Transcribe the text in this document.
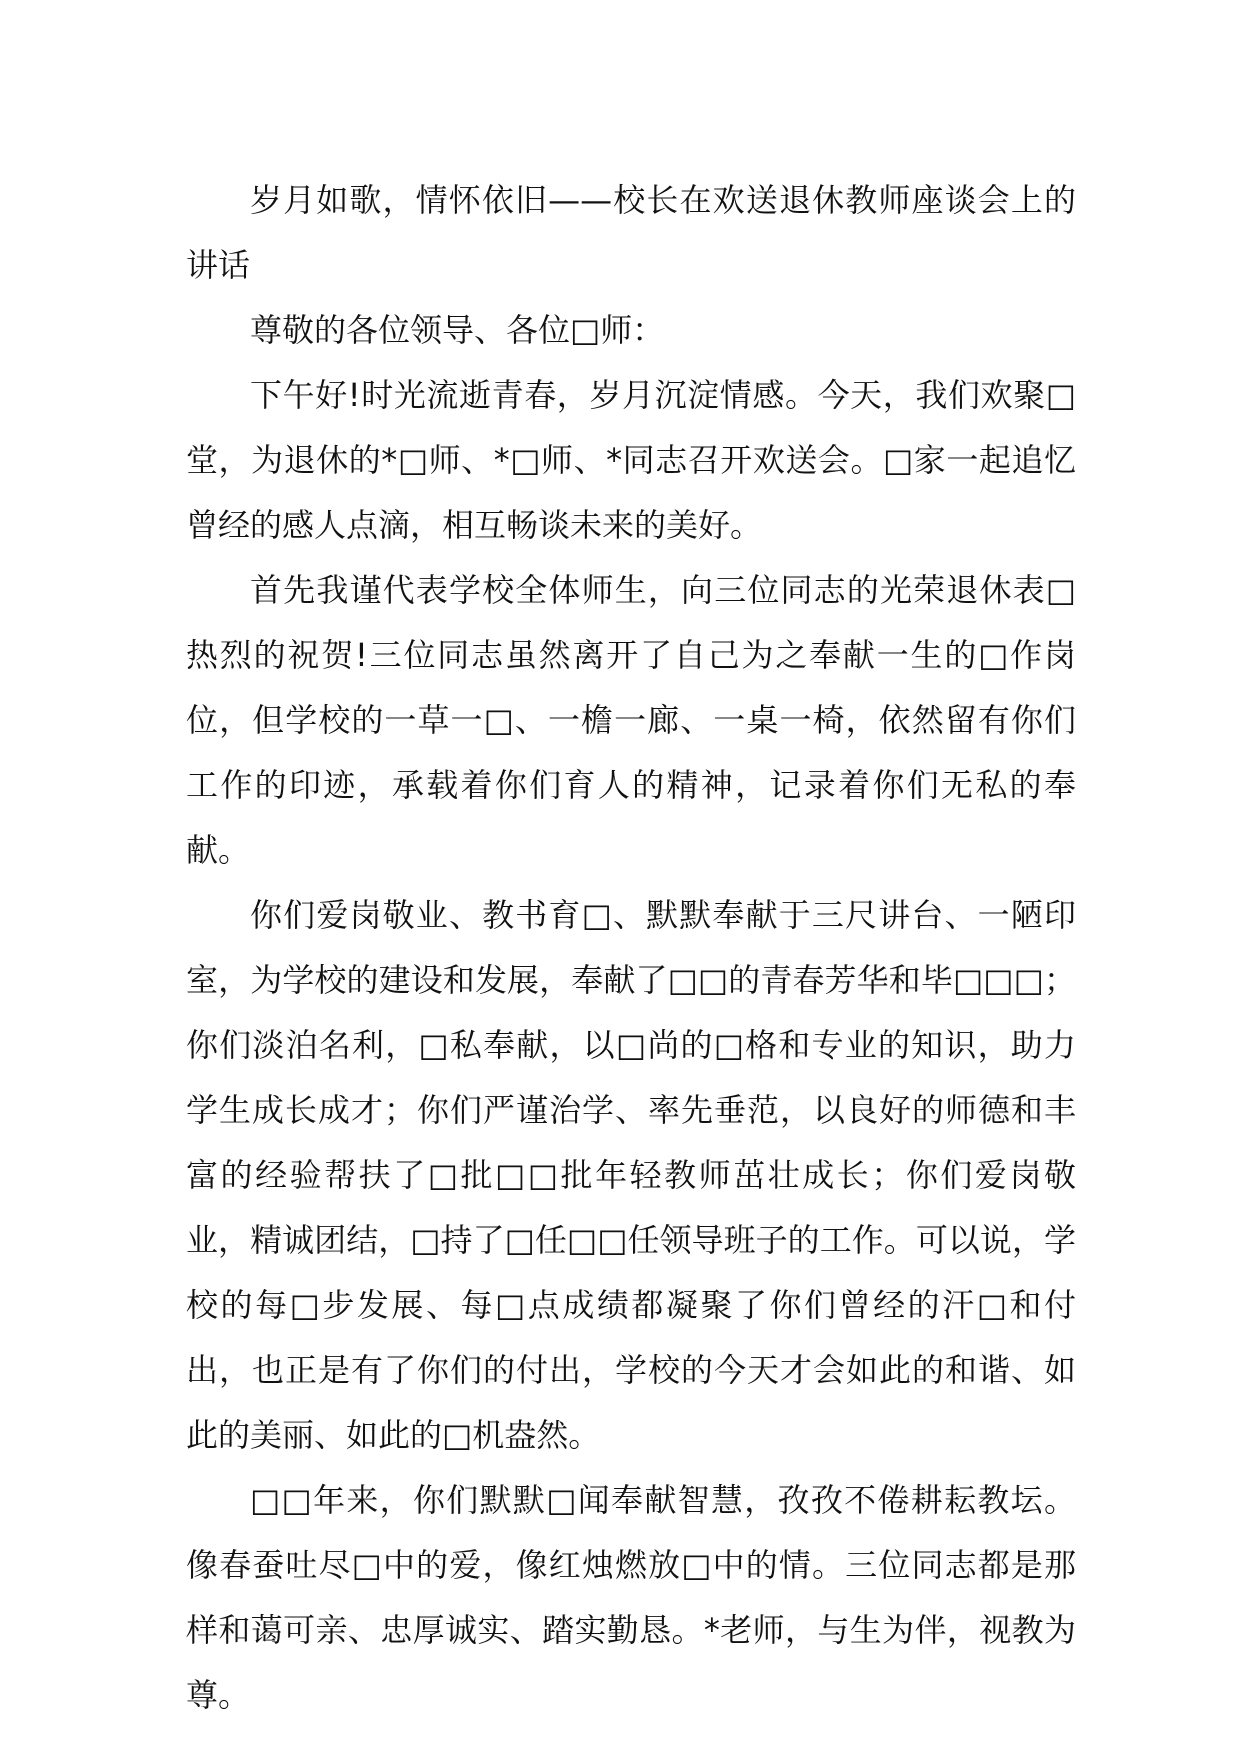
岁月如歌，情怀依旧——校长在欢送退休教师座谈会上的讲话

尊敬的各位领导、各位□师：

下午好!时光流逝青春，岁月沉淀情感。今天，我们欢聚□堂，为退休的*□师、*□师、*同志召开欢送会。□家一起追忆曾经的感人点滴，相互畅谈未来的美好。

首先我谨代表学校全体师生，向三位同志的光荣退休表□热烈的祝贺!三位同志虽然离开了自己为之奉献一生的□作岗位，但学校的一草一□、一檐一廊、一桌一椅，依然留有你们工作的印迹，承载着你们育人的精神，记录着你们无私的奉献。

你们爱岗敬业、教书育□、默默奉献于三尺讲台、一陋印室，为学校的建设和发展，奉献了□□的青春芳华和毕□□□；你们淡泊名利，□私奉献，以□尚的□格和专业的知识，助力学生成长成才；你们严谨治学、率先垂范，以良好的师德和丰富的经验帮扶了□批□□批年轻教师茁壮成长；你们爱岗敬业，精诚团结，□持了□任□□任领导班子的工作。可以说，学校的每□步发展、每□点成绩都凝聚了你们曾经的汗□和付出，也正是有了你们的付出，学校的今天才会如此的和谐、如此的美丽、如此的□机盎然。

□□年来，你们默默□闻奉献智慧，孜孜不倦耕耘教坛。像春蚕吐尽□中的爱，像红烛燃放□中的情。三位同志都是那样和蔼可亲、忠厚诚实、踏实勤恳。*老师，与生为伴，视教为尊。
